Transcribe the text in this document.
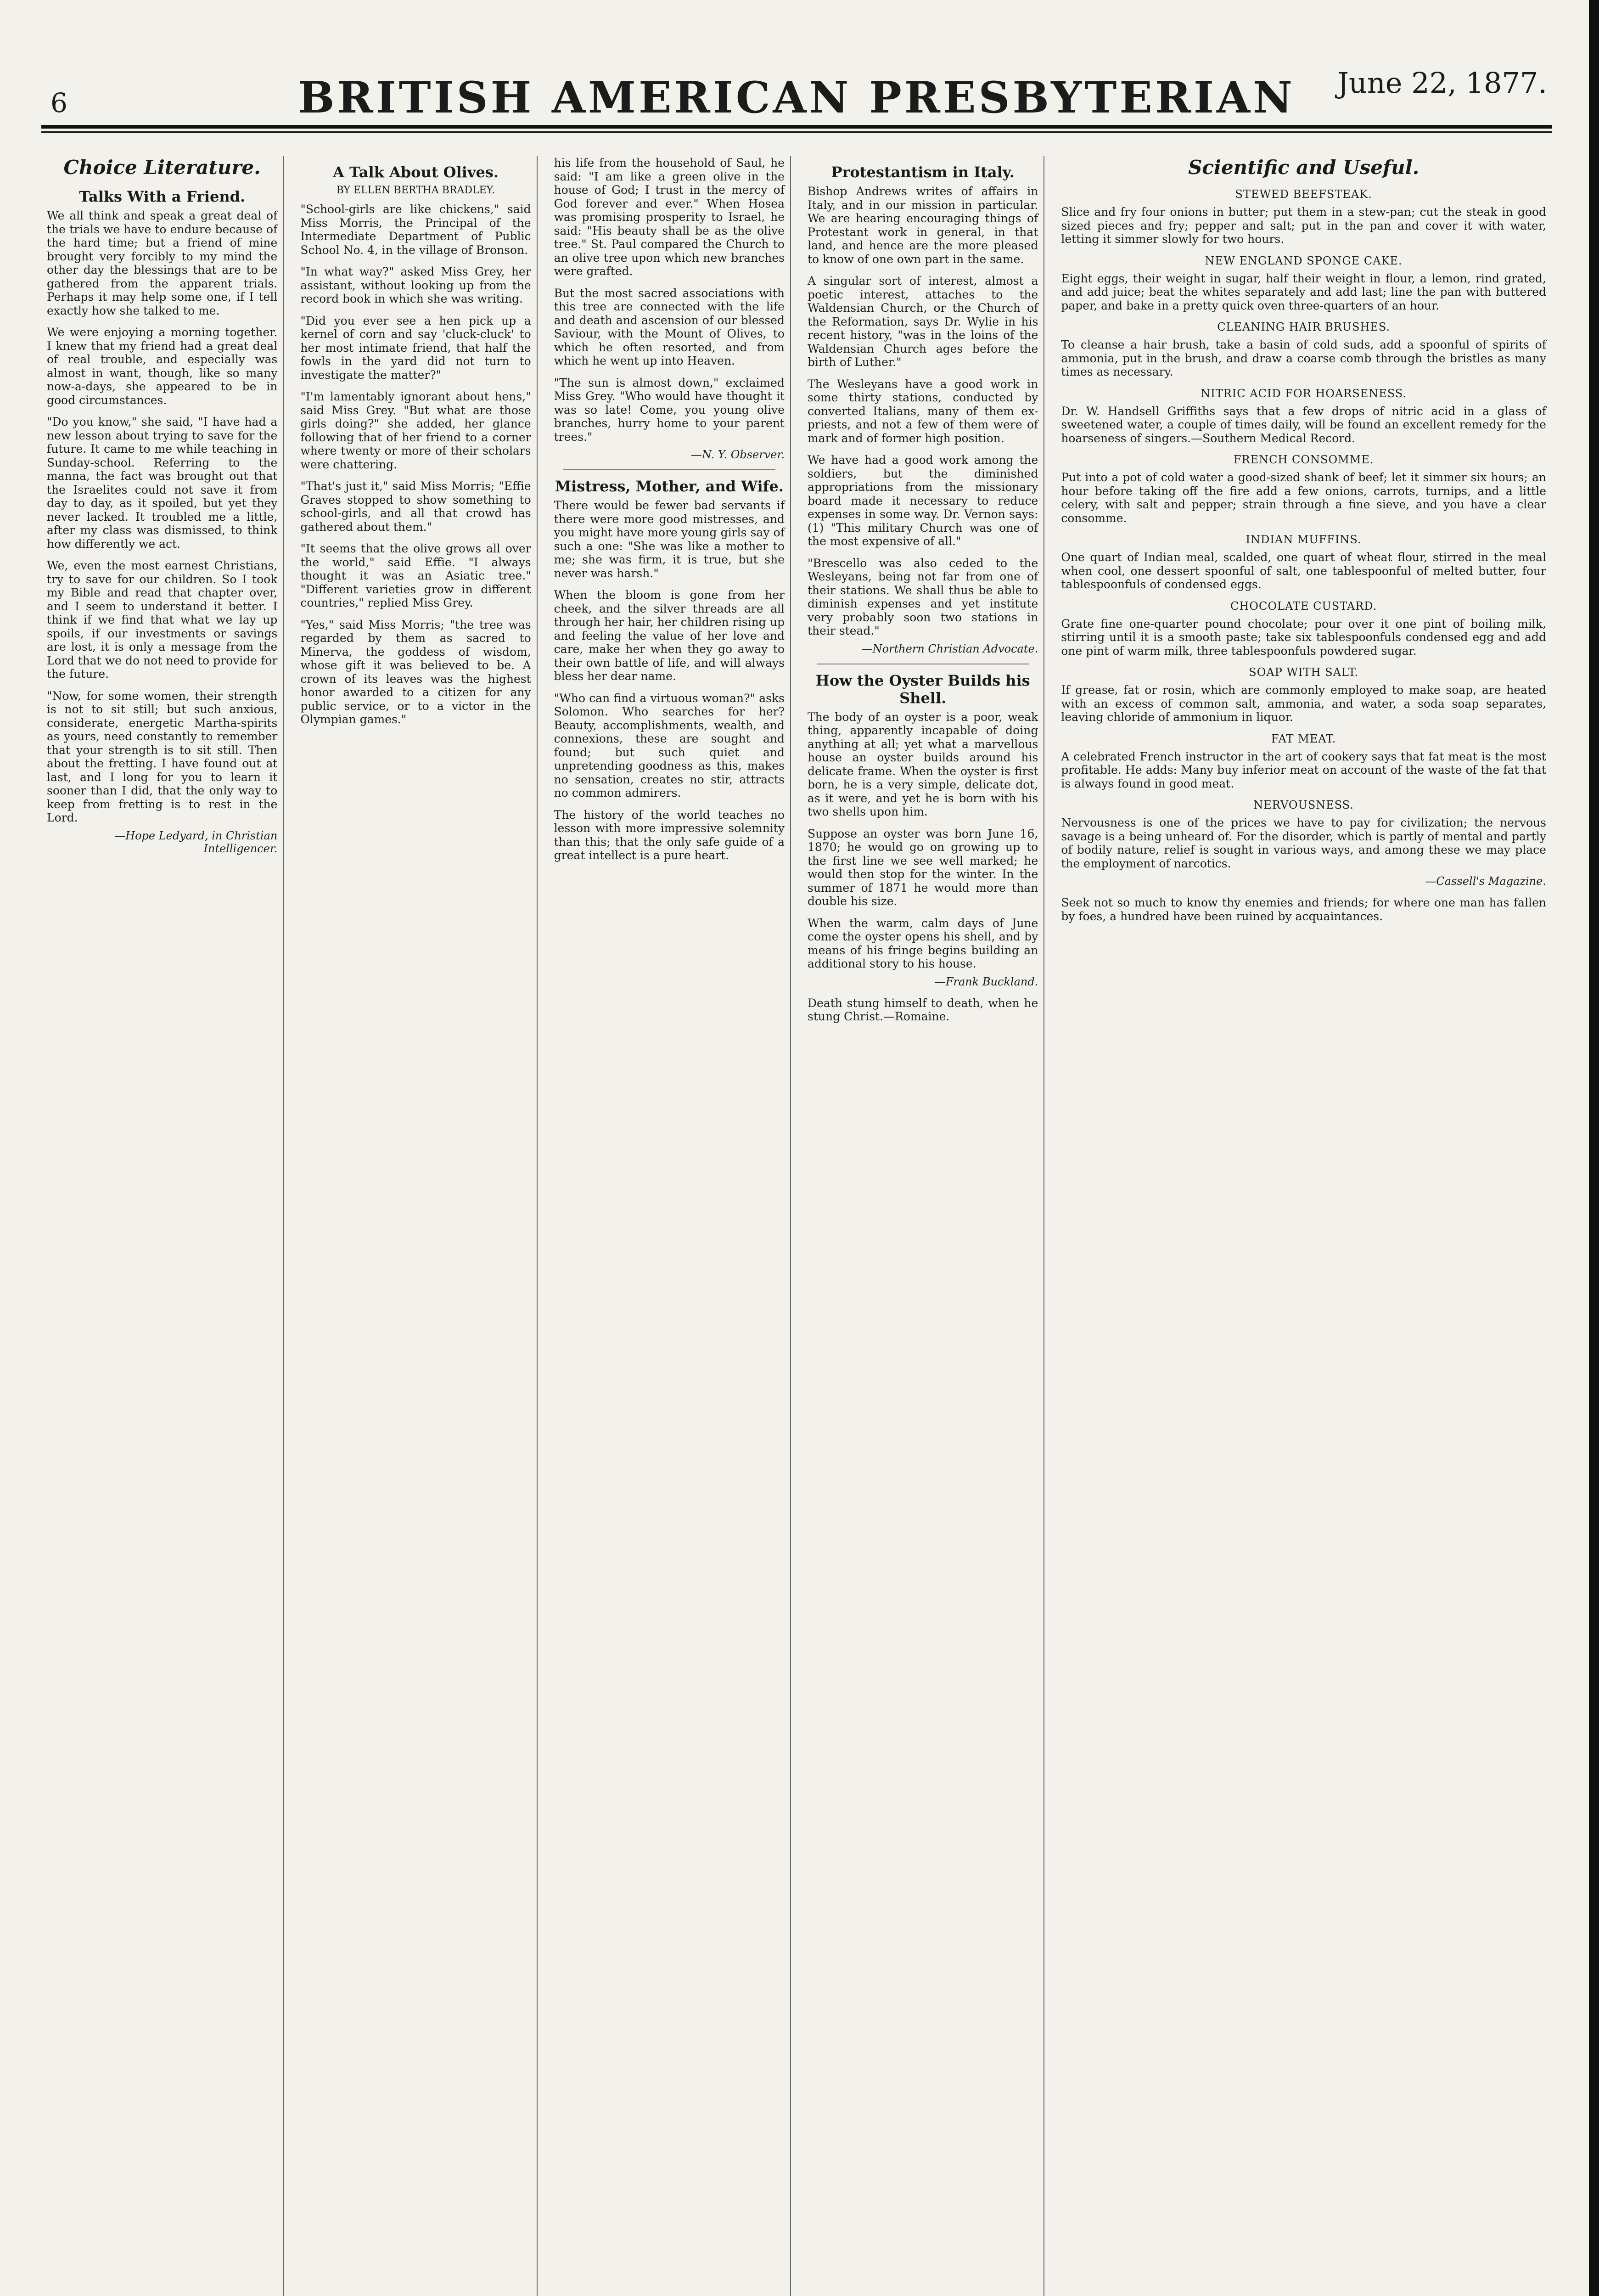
6	BRITISH AMERICAN PRESBYTERIAN	June 22, 1877.
Choice Literature.
Talks With a Friend.

We all think and speak a great deal of the trials we have to endure because of the hard time; but a friend of mine brought very forcibly to my mind the other day the blessings that are to be gathered from the apparent trials. Perhaps it may help some one, if I tell exactly how she talked to me.

We were enjoying a morning together. I knew that my friend had a great deal of real trouble, and especially was almost in want, though, like so many now-a-days, she appeared to be in good circumstances.

"Do you know," she said, "I have had a new lesson about trying to save for the future. It came to me while teaching in Sunday-school. Referring to the manna, the fact was brought out that the Israelites could not save it from day to day, as it spoiled, but yet they never lacked. It troubled me a little, after my class was dismissed, to think how differently we act.

We, even the most earnest Christians, try to save for our children. So I took my Bible and read that chapter over, and I seem to understand it better. I think if we find that what we lay up spoils, if our investments or savings are lost, it is only a message from the Lord that we do not need to provide for the future.

"Now, for some women, their strength is not to sit still; but such anxious, considerate, energetic Martha-spirits as yours, need constantly to remember that your strength is to sit still. Then about the fretting. I have found out at last, and I long for you to learn it sooner than I did, that the only way to keep from fretting is to rest in the Lord.

—Hope Ledyard, in Christian Intelligencer.
A Talk About Olives.
BY ELLEN BERTHA BRADLEY.

"School-girls are like chickens," said Miss Morris, the Principal of the Intermediate Department of Public School No. 4, in the village of Bronson.

"In what way?" asked Miss Grey, her assistant, without looking up from the record book in which she was writing.

"Did you ever see a hen pick up a kernel of corn and say 'cluck-cluck' to her most intimate friend, that half the fowls in the yard did not turn to investigate the matter?"

"I'm lamentably ignorant about hens," said Miss Grey. "But what are those girls doing?" she added, her glance following that of her friend to a corner where twenty or more of their scholars were chattering.

"That's just it," said Miss Morris; "Effie Graves stopped to show something to school-girls, and all that crowd has gathered about them."

"It seems that the olive grows all over the world," said Effie. "I always thought it was an Asiatic tree." "Different varieties grow in different countries," replied Miss Grey.

"Yes," said Miss Morris; "the tree was regarded by them as sacred to Minerva, the goddess of wisdom, whose gift it was believed to be. A crown of its leaves was the highest honor awarded to a citizen for any public service, or to a victor in the Olympian games."

his life from the household of Saul, he said: "I am like a green olive in the house of God; I trust in the mercy of God forever and ever." When Hosea was promising prosperity to Israel, he said: "His beauty shall be as the olive tree." St. Paul compared the Church to an olive tree upon which new branches were grafted.

But the most sacred associations with this tree are connected with the life and death and ascension of our blessed Saviour, with the Mount of Olives, to which he often resorted, and from which he went up into Heaven.

"The sun is almost down," exclaimed Miss Grey. "Who would have thought it was so late! Come, you young olive branches, hurry home to your parent trees."

—N. Y. Observer.
Mistress, Mother, and Wife.

There would be fewer bad servants if there were more good mistresses, and you might have more young girls say of such a one: "She was like a mother to me; she was firm, it is true, but she never was harsh."

When the bloom is gone from her cheek, and the silver threads are all through her hair, her children rising up and feeling the value of her love and care, make her when they go away to their own battle of life, and will always bless her dear name.

"Who can find a virtuous woman?" asks Solomon. Who searches for her? Beauty, accomplishments, wealth, and connexions, these are sought and found; but such quiet and unpretending goodness as this, makes no sensation, creates no stir, attracts no common admirers.

The history of the world teaches no lesson with more impressive solemnity than this; that the only safe guide of a great intellect is a pure heart.

Protestantism in Italy.

Bishop Andrews writes of affairs in Italy, and in our mission in particular. We are hearing encouraging things of Protestant work in general, in that land, and hence are the more pleased to know of one own part in the same.

A singular sort of interest, almost a poetic interest, attaches to the Waldensian Church, or the Church of the Reformation, says Dr. Wylie in his recent history, "was in the loins of the Waldensian Church ages before the birth of Luther."

The Wesleyans have a good work in some thirty stations, conducted by converted Italians, many of them ex-priests, and not a few of them were of mark and of former high position.

We have had a good work among the soldiers, but the diminished appropriations from the missionary board made it necessary to reduce expenses in some way. Dr. Vernon says: (1) "This military Church was one of the most expensive of all."

"Brescello was also ceded to the Wesleyans, being not far from one of their stations. We shall thus be able to diminish expenses and yet institute very probably soon two stations in their stead."

—Northern Christian Advocate.
How the Oyster Builds his Shell.

The body of an oyster is a poor, weak thing, apparently incapable of doing anything at all; yet what a marvellous house an oyster builds around his delicate frame. When the oyster is first born, he is a very simple, delicate dot, as it were, and yet he is born with his two shells upon him.

Suppose an oyster was born June 16, 1870; he would go on growing up to the first line we see well marked; he would then stop for the winter. In the summer of 1871 he would more than double his size.

When the warm, calm days of June come the oyster opens his shell, and by means of his fringe begins building an additional story to his house.

—Frank Buckland.

Death stung himself to death, when he stung Christ.—Romaine.

Scientific and Useful.
STEWED BEEFSTEAK.

Slice and fry four onions in butter; put them in a stew-pan; cut the steak in good sized pieces and fry; pepper and salt; put in the pan and cover it with water, letting it simmer slowly for two hours.

NEW ENGLAND SPONGE CAKE.

Eight eggs, their weight in sugar, half their weight in flour, a lemon, rind grated, and add juice; beat the whites separately and add last; line the pan with buttered paper, and bake in a pretty quick oven three-quarters of an hour.

CLEANING HAIR BRUSHES.

To cleanse a hair brush, take a basin of cold suds, add a spoonful of spirits of ammonia, put in the brush, and draw a coarse comb through the bristles as many times as necessary.

NITRIC ACID FOR HOARSENESS.

Dr. W. Handsell Griffiths says that a few drops of nitric acid in a glass of sweetened water, a couple of times daily, will be found an excellent remedy for the hoarseness of singers.—Southern Medical Record.

FRENCH CONSOMME.

Put into a pot of cold water a good-sized shank of beef; let it simmer six hours; an hour before taking off the fire add a few onions, carrots, turnips, and a little celery, with salt and pepper; strain through a fine sieve, and you have a clear consomme.

INDIAN MUFFINS.

One quart of Indian meal, scalded, one quart of wheat flour, stirred in the meal when cool, one dessert spoonful of salt, one tablespoonful of melted butter, four tablespoonfuls of condensed eggs.

CHOCOLATE CUSTARD.

Grate fine one-quarter pound chocolate; pour over it one pint of boiling milk, stirring until it is a smooth paste; take six tablespoonfuls condensed egg and add one pint of warm milk, three tablespoonfuls powdered sugar.

SOAP WITH SALT.

If grease, fat or rosin, which are commonly employed to make soap, are heated with an excess of common salt, ammonia, and water, a soda soap separates, leaving chloride of ammonium in liquor.

FAT MEAT.

A celebrated French instructor in the art of cookery says that fat meat is the most profitable. He adds: Many buy inferior meat on account of the waste of the fat that is always found in good meat.

NERVOUSNESS.

Nervousness is one of the prices we have to pay for civilization; the nervous savage is a being unheard of. For the disorder, which is partly of mental and partly of bodily nature, relief is sought in various ways, and among these we may place the employment of narcotics.

—Cassell's Magazine.

Seek not so much to know thy enemies and friends; for where one man has fallen by foes, a hundred have been ruined by acquaintances.
